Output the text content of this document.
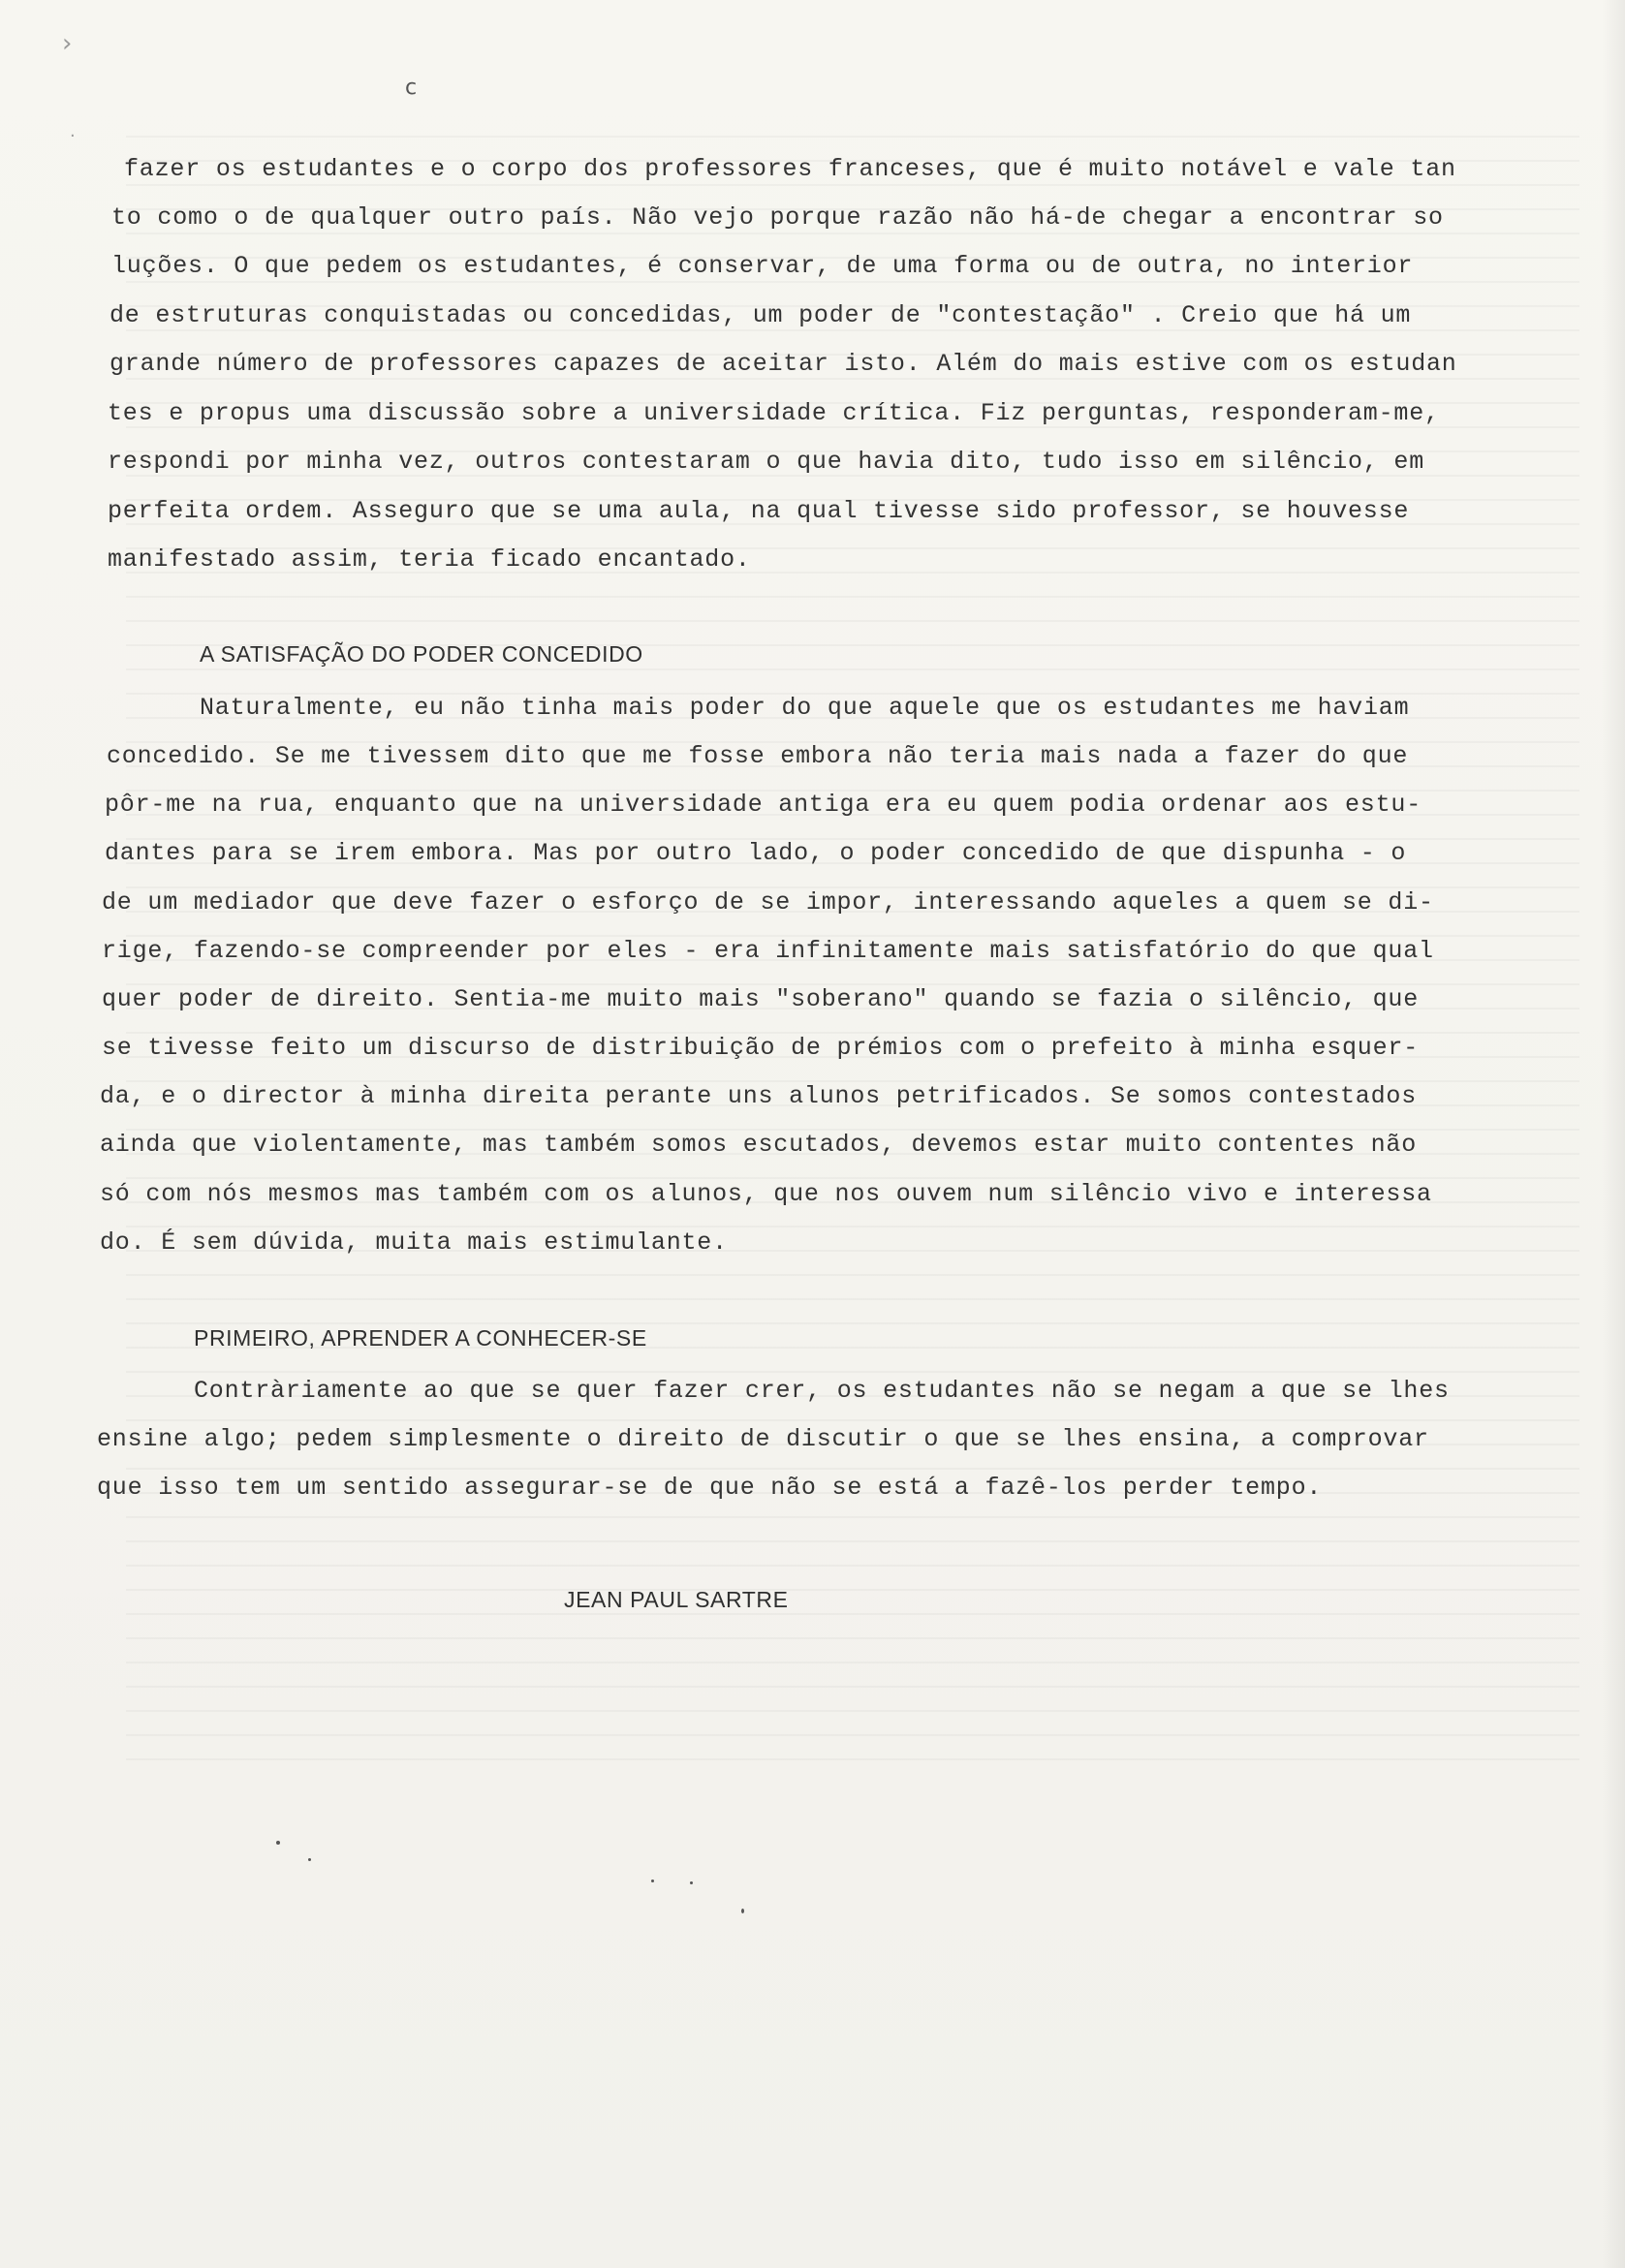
›
·
ϲ
fazer os estudantes e o corpo dos professores franceses, que é muito notável e vale tan
to como o de qualquer outro país. Não vejo porque razão não há-de chegar a encontrar so
luções. O que pedem os estudantes, é conservar, de uma forma ou de outra, no interior
de estruturas conquistadas ou concedidas, um poder de "contestação" . Creio que há um
grande número de professores capazes de aceitar isto. Além do mais estive com os estudan
tes e propus uma discussão sobre a universidade crítica. Fiz perguntas, responderam-me,
respondi por minha vez, outros contestaram o que havia dito, tudo isso em silêncio, em
perfeita ordem. Asseguro que se uma aula, na qual tivesse sido professor, se houvesse
manifestado assim, teria ficado encantado.
A SATISFAÇÃO DO PODER CONCEDIDO
Naturalmente, eu não tinha mais poder do que aquele que os estudantes me haviam
concedido. Se me tivessem dito que me fosse embora não teria mais nada a fazer do que
pôr-me na rua, enquanto que na universidade antiga era eu quem podia ordenar aos estu-
dantes para se irem embora. Mas por outro lado, o poder concedido de que dispunha - o
de um mediador que deve fazer o esforço de se impor, interessando aqueles a quem se di-
rige, fazendo-se compreender por eles - era infinitamente mais satisfatório do que qual
quer poder de direito. Sentia-me muito mais "soberano" quando se fazia o silêncio, que
se tivesse feito um discurso de distribuição de prémios com o prefeito à minha esquer-
da, e o director à minha direita perante uns alunos petrificados. Se somos contestados
ainda que violentamente, mas também somos escutados, devemos estar muito contentes não
só com nós mesmos mas também com os alunos, que nos ouvem num silêncio vivo e interessa
do. É sem dúvida, muita mais estimulante.
PRIMEIRO, APRENDER A CONHECER-SE
Contràriamente ao que se quer fazer crer, os estudantes não se negam a que se lhes
ensine algo; pedem simplesmente o direito de discutir o que se lhes ensina, a comprovar
que isso tem um sentido assegurar-se de que não se está a fazê-los perder tempo.
JEAN PAUL SARTRE
